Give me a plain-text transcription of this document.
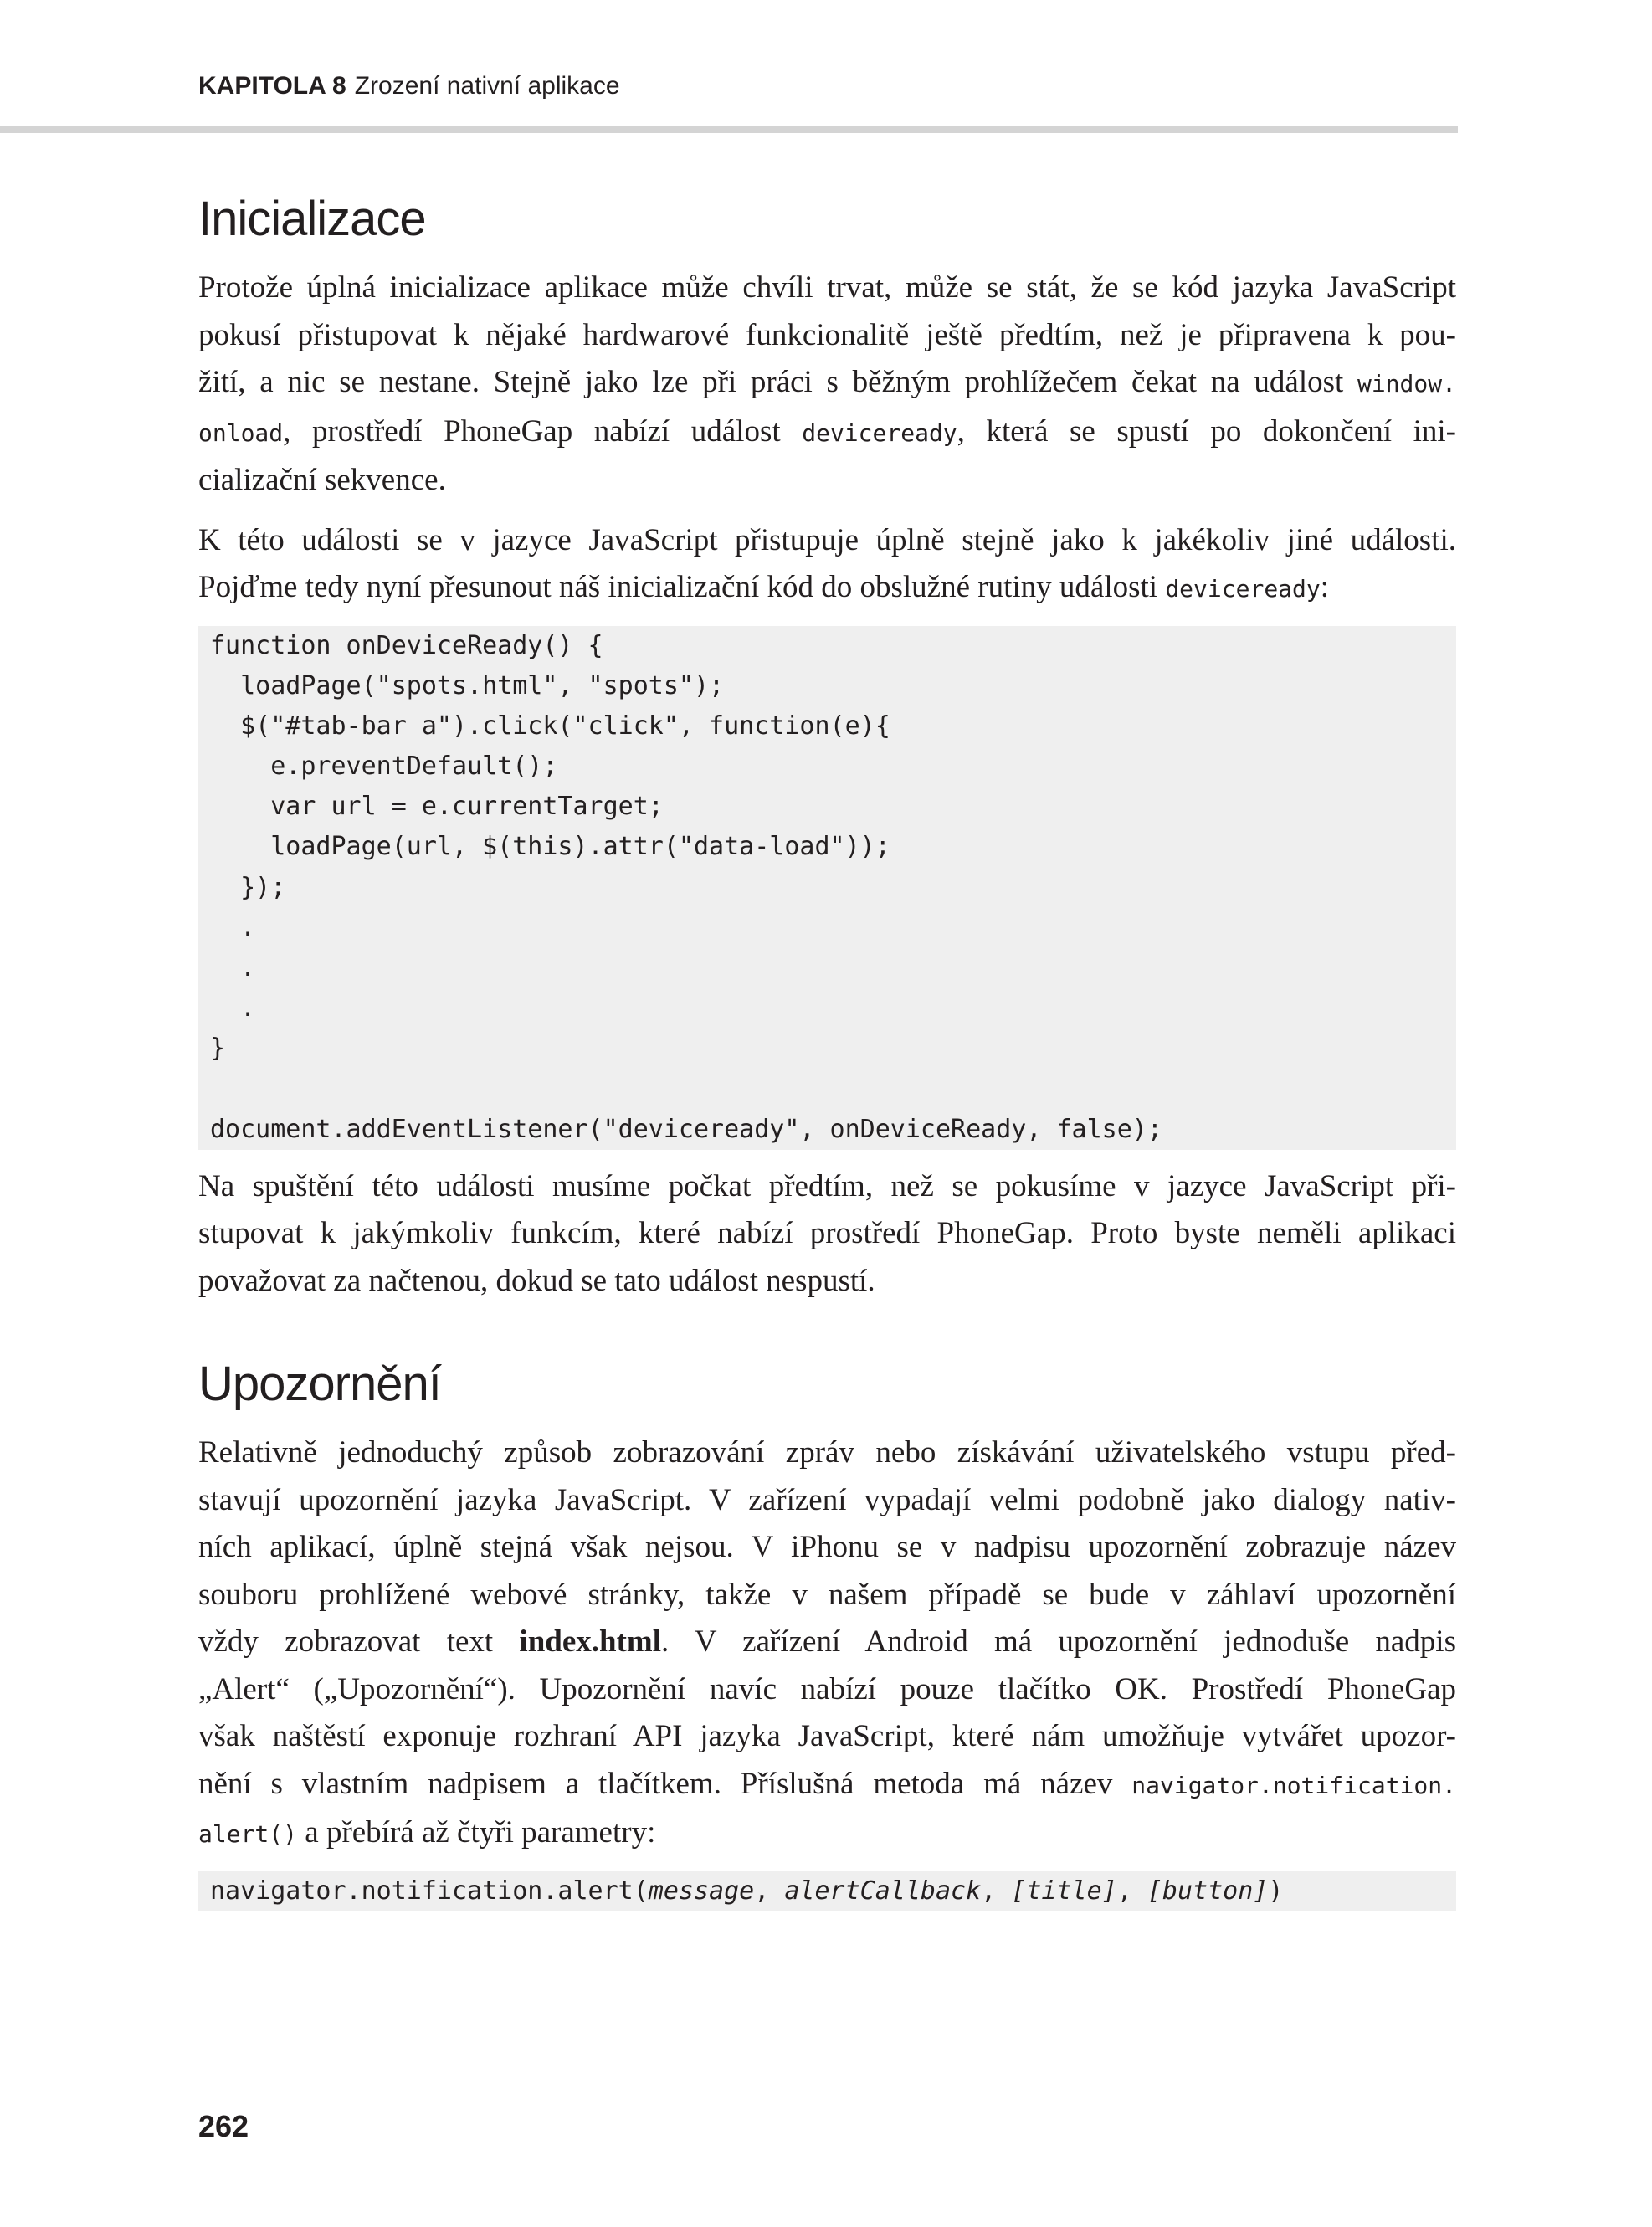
KAPITOLA 8 Zrození nativní aplikace
Inicializace
Protože úplná inicializace aplikace může chvíli trvat, může se stát, že se kód jazyka JavaScript
pokusí přistupovat k nějaké hardwarové funkcionalitě ještě předtím, než je připravena k pou-
žití, a nic se nestane. Stejně jako lze při práci s běžným prohlížečem čekat na událost window.
onload, prostředí PhoneGap nabízí událost deviceready, která se spustí po dokončení ini-
cializační sekvence.
K této události se v jazyce JavaScript přistupuje úplně stejně jako k jakékoliv jiné události.
Pojďme tedy nyní přesunout náš inicializační kód do obslužné rutiny události deviceready:
function onDeviceReady() {
loadPage("spots.html", "spots");
$("#tab-bar a").click("click", function(e){
e.preventDefault();
var url = e.currentTarget;
loadPage(url, $(this).attr("data-load"));
});
.
.
.
}
document.addEventListener("deviceready", onDeviceReady, false);
Na spuštění této události musíme počkat předtím, než se pokusíme v jazyce JavaScript při-
stupovat k jakýmkoliv funkcím, které nabízí prostředí PhoneGap. Proto byste neměli aplikaci
považovat za načtenou, dokud se tato událost nespustí.
Upozornění
Relativně jednoduchý způsob zobrazování zpráv nebo získávání uživatelského vstupu před-
stavují upozornění jazyka JavaScript. V zařízení vypadají velmi podobně jako dialogy nativ-
ních aplikací, úplně stejná však nejsou. V iPhonu se v nadpisu upozornění zobrazuje název
souboru prohlížené webové stránky, takže v našem případě se bude v záhlaví upozornění
vždy zobrazovat text index.html. V zařízení Android má upozornění jednoduše nadpis
„Alert“ („Upozornění“). Upozornění navíc nabízí pouze tlačítko OK. Prostředí PhoneGap
však naštěstí exponuje rozhraní API jazyka JavaScript, které nám umožňuje vytvářet upozor-
nění s vlastním nadpisem a tlačítkem. Příslušná metoda má název navigator.notification.
alert() a přebírá až čtyři parametry:
navigator.notification.alert(message, alertCallback, [title], [button])
262
